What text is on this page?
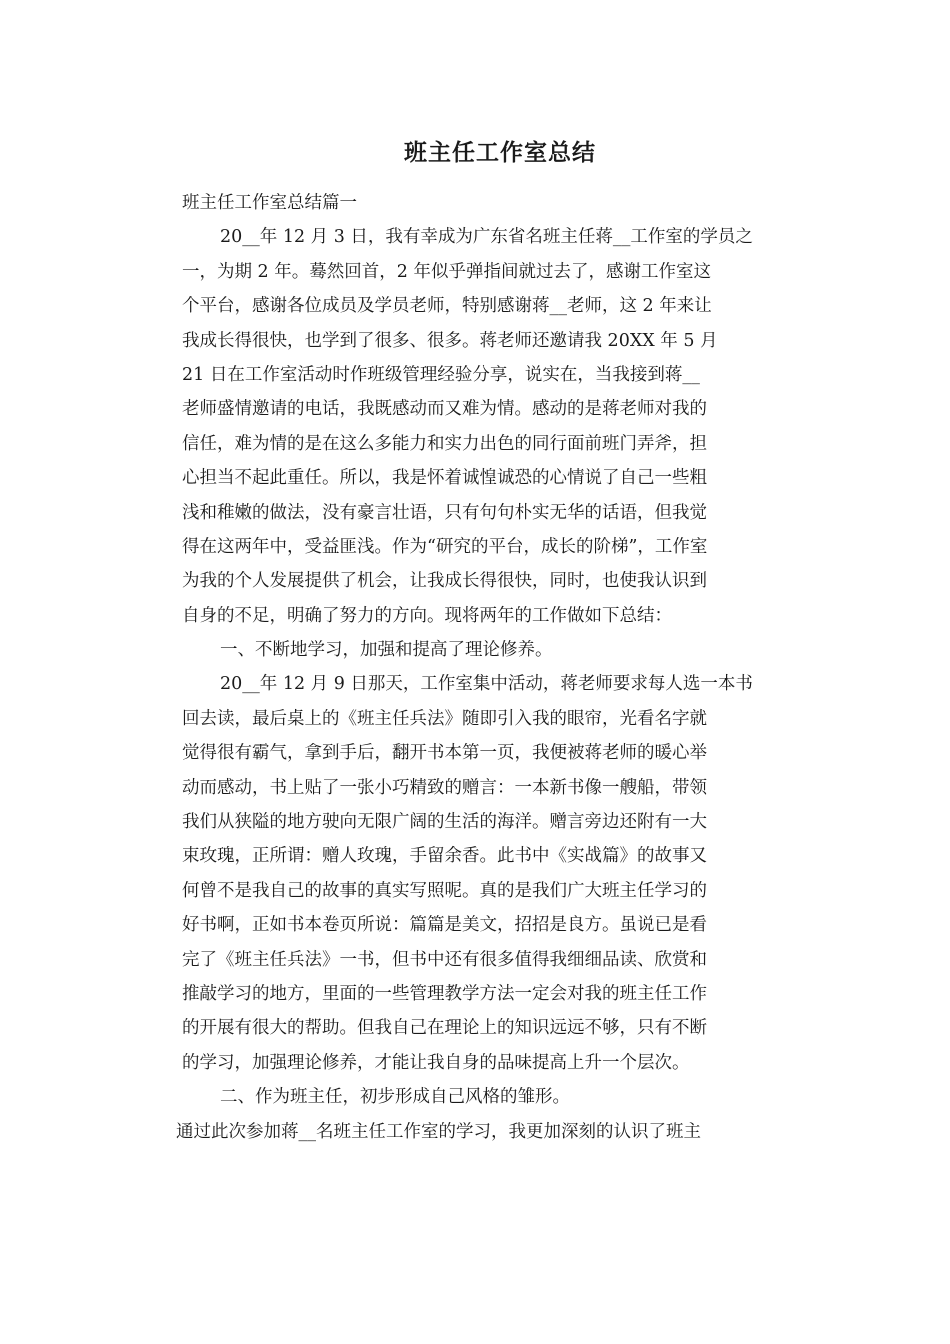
班主任工作室总结
班主任工作室总结篇一
20__年 12 月 3 日，我有幸成为广东省名班主任蒋__工作室的学员之
一，为期 2 年。蓦然回首，2 年似乎弹指间就过去了，感谢工作室这
个平台，感谢各位成员及学员老师，特别感谢蒋__老师，这 2 年来让
我成长得很快，也学到了很多、很多。蒋老师还邀请我 20XX 年 5 月
21 日在工作室活动时作班级管理经验分享，说实在，当我接到蒋__
老师盛情邀请的电话，我既感动而又难为情。感动的是蒋老师对我的
信任，难为情的是在这么多能力和实力出色的同行面前班门弄斧，担
心担当不起此重任。所以，我是怀着诚惶诚恐的心情说了自己一些粗
浅和稚嫩的做法，没有豪言壮语，只有句句朴实无华的话语，但我觉
得在这两年中，受益匪浅。作为“研究的平台，成长的阶梯”，工作室
为我的个人发展提供了机会，让我成长得很快，同时，也使我认识到
自身的不足，明确了努力的方向。现将两年的工作做如下总结：
一、不断地学习，加强和提高了理论修养。
20__年 12 月 9 日那天，工作室集中活动，蒋老师要求每人选一本书
回去读，最后桌上的《班主任兵法》随即引入我的眼帘，光看名字就
觉得很有霸气，拿到手后，翻开书本第一页，我便被蒋老师的暖心举
动而感动，书上贴了一张小巧精致的赠言：一本新书像一艘船，带领
我们从狭隘的地方驶向无限广阔的生活的海洋。赠言旁边还附有一大
束玫瑰，正所谓：赠人玫瑰，手留余香。此书中《实战篇》的故事又
何曾不是我自己的故事的真实写照呢。真的是我们广大班主任学习的
好书啊，正如书本卷页所说：篇篇是美文，招招是良方。虽说已是看
完了《班主任兵法》一书，但书中还有很多值得我细细品读、欣赏和
推敲学习的地方，里面的一些管理教学方法一定会对我的班主任工作
的开展有很大的帮助。但我自己在理论上的知识远远不够，只有不断
的学习，加强理论修养，才能让我自身的品味提高上升一个层次。
二、作为班主任，初步形成自己风格的雏形。
通过此次参加蒋__名班主任工作室的学习，我更加深刻的认识了班主
